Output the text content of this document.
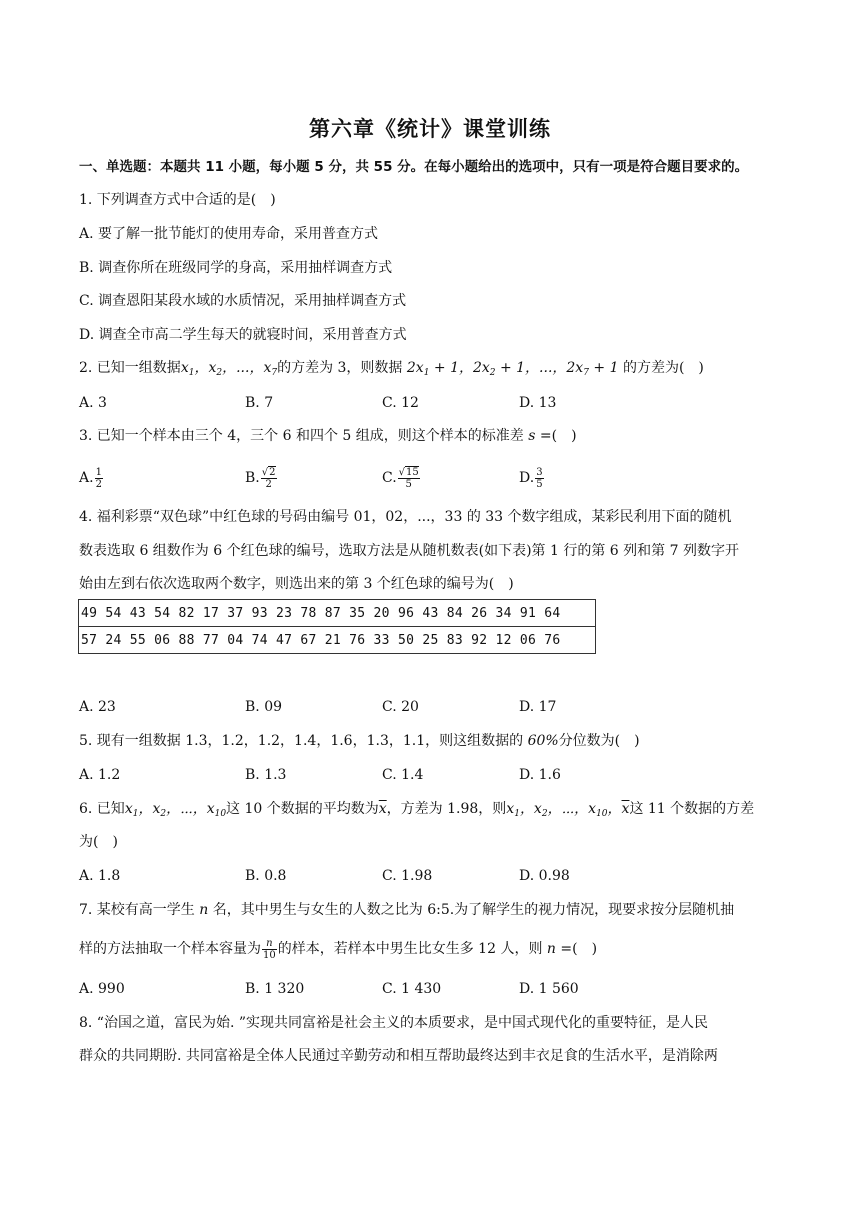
第六章《统计》课堂训练
一、单选题：本题共 11 小题，每小题 5 分，共 55 分。在每小题给出的选项中，只有一项是符合题目要求的。
1. 下列调查方式中合适的是(　)
A. 要了解一批节能灯的使用寿命，采用普查方式
B. 调查你所在班级同学的身高，采用抽样调查方式
C. 调查恩阳某段水域的水质情况，采用抽样调查方式
D. 调查全市高二学生每天的就寝时间，采用普查方式
2. 已知一组数据$x_1$，$x_2$，...，$x_7$的方差为 3，则数据 $2x_1 + 1$，$2x_2 + 1$，...，$2x_7 + 1$ 的方差为(　)
A. 3	B. 7	C. 12	D. 13
3. 已知一个样本由三个 4，三个 6 和四个 5 组成，则这个样本的标准差 s =(　)
A. $\frac{1}{2}$	B. $\frac{√2}{2}$	C. $\frac{√15}{5}$	D. $\frac{3}{5}$
4. 福利彩票“双色球”中红色球的号码由编号 01，02，...，33 的 33 个数字组成，某彩民利用下面的随机
数表选取 6 组数作为 6 个红色球的编号，选取方法是从随机数表(如下表)第 1 行的第 6 列和第 7 列数字开
始由左到右依次选取两个数字，则选出来的第 3 个红色球的编号为(　)
49 54 43 54 82 17 37 93 23 78 87 35 20 96 43 84 26 34 91 64
57 24 55 06 88 77 04 74 47 67 21 76 33 50 25 83 92 12 06 76
A. 23	B. 09	C. 20	D. 17
5. 现有一组数据 1.3，1.2，1.2，1.4，1.6，1.3，1.1，则这组数据的 60%分位数为(　)
A. 1.2	B. 1.3	C. 1.4	D. 1.6
6. 已知$x_1$，$x_2$，⋯，$x_{10}$这 10 个数据的平均数为$\overline{x}$，方差为 1.98，则$x_1$，$x_2$，⋯，$x_{10}$，$\overline{x}$这 11 个数据的方差
为(　)
A. 1.8	B. 0.8	C. 1.98	D. 0.98
7. 某校有高一学生 n 名，其中男生与女生的人数之比为 6:5.为了解学生的视力情况，现要求按分层随机抽
样的方法抽取一个样本容量为 $\frac{n}{10}$ 的样本，若样本中男生比女生多 12 人，则 n =(　)
A. 990	B. 1 320	C. 1 430	D. 1 560
8. “治国之道，富民为始. ”实现共同富裕是社会主义的本质要求，是中国式现代化的重要特征，是人民
群众的共同期盼. 共同富裕是全体人民通过辛勤劳动和相互帮助最终达到丰衣足食的生活水平，是消除两
